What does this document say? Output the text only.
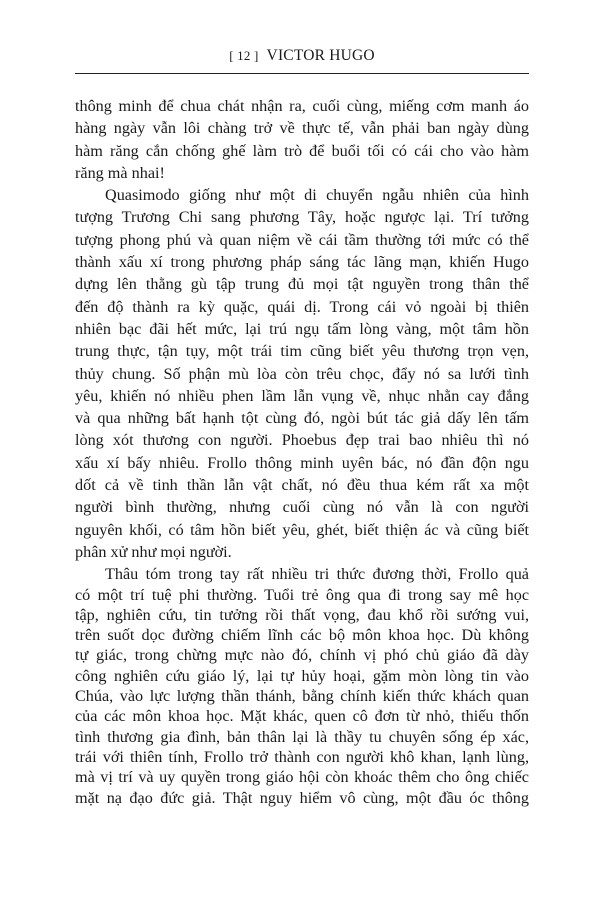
[ 12 ] VICTOR HUGO
thông minh để chua chát nhận ra, cuối cùng, miếng cơm manh áo
hàng ngày vẫn lôi chàng trở về thực tế, vẫn phải ban ngày dùng
hàm răng cắn chống ghế làm trò để buổi tối có cái cho vào hàm
răng mà nhai!
Quasimodo giống như một di chuyển ngẫu nhiên của hình
tượng Trương Chi sang phương Tây, hoặc ngược lại. Trí tưởng
tượng phong phú và quan niệm về cái tầm thường tới mức có thể
thành xấu xí trong phương pháp sáng tác lãng mạn, khiến Hugo
dựng lên thằng gù tập trung đủ mọi tật nguyền trong thân thể
đến độ thành ra kỳ quặc, quái dị. Trong cái vỏ ngoài bị thiên
nhiên bạc đãi hết mức, lại trú ngụ tấm lòng vàng, một tâm hồn
trung thực, tận tụy, một trái tim cũng biết yêu thương trọn vẹn,
thủy chung. Số phận mù lòa còn trêu chọc, đẩy nó sa lưới tình
yêu, khiến nó nhiều phen lầm lẫn vụng về, nhục nhằn cay đắng
và qua những bất hạnh tột cùng đó, ngòi bút tác giả dấy lên tấm
lòng xót thương con người. Phoebus đẹp trai bao nhiêu thì nó
xấu xí bấy nhiêu. Frollo thông minh uyên bác, nó đần độn ngu
dốt cả về tinh thần lẫn vật chất, nó đều thua kém rất xa một
người bình thường, nhưng cuối cùng nó vẫn là con người
nguyên khối, có tâm hồn biết yêu, ghét, biết thiện ác và cũng biết
phân xử như mọi người.
Thâu tóm trong tay rất nhiều tri thức đương thời, Frollo quả
có một trí tuệ phi thường. Tuổi trẻ ông qua đi trong say mê học
tập, nghiên cứu, tin tưởng rồi thất vọng, đau khổ rồi sướng vui,
trên suốt dọc đường chiếm lĩnh các bộ môn khoa học. Dù không
tự giác, trong chừng mực nào đó, chính vị phó chủ giáo đã dày
công nghiên cứu giáo lý, lại tự hủy hoại, gặm mòn lòng tin vào
Chúa, vào lực lượng thần thánh, bằng chính kiến thức khách quan
của các môn khoa học. Mặt khác, quen cô đơn từ nhỏ, thiếu thốn
tình thương gia đình, bản thân lại là thầy tu chuyên sống ép xác,
trái với thiên tính, Frollo trở thành con người khô khan, lạnh lùng,
mà vị trí và uy quyền trong giáo hội còn khoác thêm cho ông chiếc
mặt nạ đạo đức giả. Thật nguy hiểm vô cùng, một đầu óc thông
